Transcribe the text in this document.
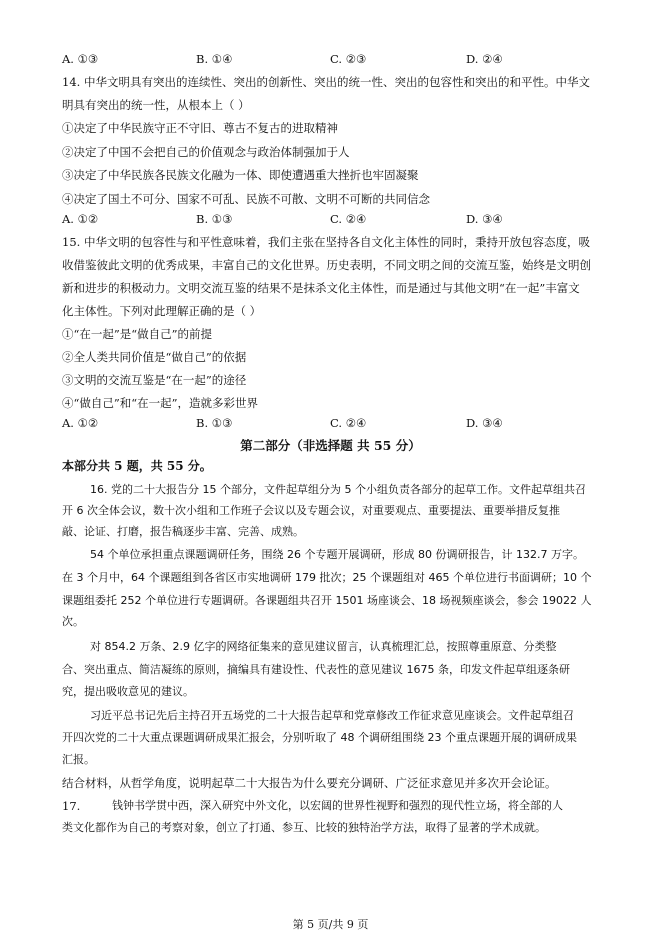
A. ①③	B. ①④	C. ②③	D. ②④
14. 中华文明具有突出的连续性、突出的创新性、突出的统一性、突出的包容性和突出的和平性。中华文
明具有突出的统一性，从根本上（ ）
①决定了中华民族守正不守旧、尊古不复古的进取精神
②决定了中国不会把自己的价值观念与政治体制强加于人
③决定了中华民族各民族文化融为一体、即使遭遇重大挫折也牢固凝聚
④决定了国土不可分、国家不可乱、民族不可散、文明不可断的共同信念
A. ①②	B. ①③	C. ②④	D. ③④
15. 中华文明的包容性与和平性意味着，我们主张在坚持各自文化主体性的同时，秉持开放包容态度，吸
收借鉴彼此文明的优秀成果，丰富自己的文化世界。历史表明，不同文明之间的交流互鉴，始终是文明创
新和进步的积极动力。文明交流互鉴的结果不是抹杀文化主体性，而是通过与其他文明“在一起”丰富文
化主体性。下列对此理解正确的是（ ）
①“在一起”是“做自己”的前提
②全人类共同价值是“做自己”的依据
③文明的交流互鉴是“在一起”的途径
④“做自己”和“在一起”，造就多彩世界
A. ①②	B. ①③	C. ②④	D. ③④
第二部分（非选择题 共 55 分）
本部分共 5 题，共 55 分。
16. 党的二十大报告分 15 个部分，文件起草组分为 5 个小组负责各部分的起草工作。文件起草组共召
开 6 次全体会议，数十次小组和工作班子会议以及专题会议，对重要观点、重要提法、重要举措反复推
敲、论证、打磨，报告稿逐步丰富、完善、成熟。
54 个单位承担重点课题调研任务，围绕 26 个专题开展调研，形成 80 份调研报告，计 132.7 万字。
在 3 个月中，64 个课题组到各省区市实地调研 179 批次；25 个课题组对 465 个单位进行书面调研；10 个
课题组委托 252 个单位进行专题调研。各课题组共召开 1501 场座谈会、18 场视频座谈会，参会 19022 人
次。
对 854.2 万条、2.9 亿字的网络征集来的意见建议留言，认真梳理汇总，按照尊重原意、分类整
合、突出重点、简洁凝练的原则，摘编具有建设性、代表性的意见建议 1675 条，印发文件起草组逐条研
究，提出吸收意见的建议。
习近平总书记先后主持召开五场党的二十大报告起草和党章修改工作征求意见座谈会。文件起草组召
开四次党的二十大重点课题调研成果汇报会，分别听取了 48 个调研组围绕 23 个重点课题开展的调研成果
汇报。
结合材料，从哲学角度，说明起草二十大报告为什么要充分调研、广泛征求意见并多次开会论证。
17.	钱钟书学贯中西，深入研究中外文化，以宏阔的世界性视野和强烈的现代性立场，将全部的人
类文化都作为自己的考察对象，创立了打通、参互、比较的独特治学方法，取得了显著的学术成就。
第 5 页/共 9 页
